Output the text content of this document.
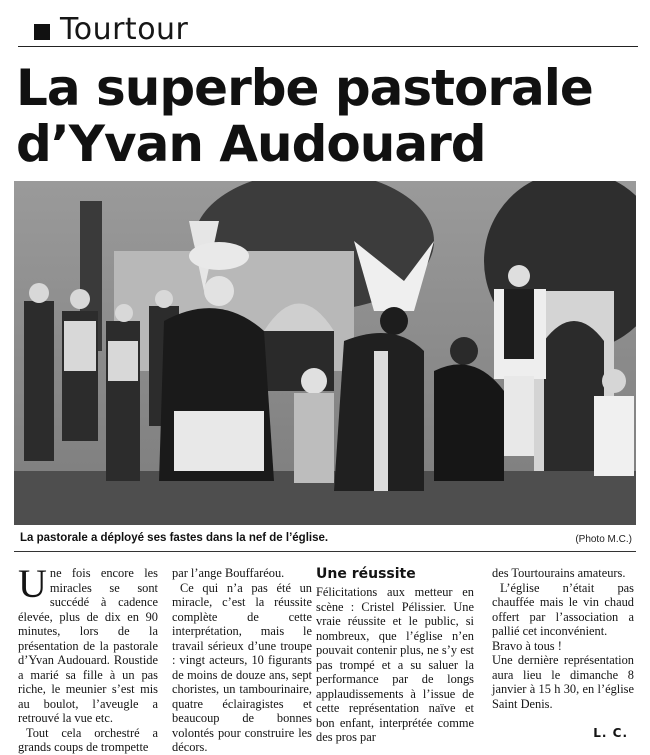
Tourtour
La superbe pastorale
d’Yvan Audouard
La pastorale a déployé ses fastes dans la nef de l’église.	(Photo M.C.)

Une fois encore les miracles se sont succédé à cadence élevée, plus de dix en 90 minutes, lors de la présentation de la pastorale d’Yvan Audouard. Roustide a marié sa fille à un pas riche, le meunier s’est mis au boulot, l’aveugle a retrouvé la vue etc.

Tout cela orchestré a grands coups de trompette

par l’ange Bouffaréou.

Ce qui n’a pas été un miracle, c’est la réussite complète de cette interprétation, mais le travail sérieux d’une troupe : vingt acteurs, 10 figurants de moins de douze ans, sept choristes, un tambourinaire, quatre éclairagistes et beaucoup de bonnes volontés pour construire les décors.

Une réussite

Félicitations aux metteur en scène : Cristel Pélissier. Une vraie réussite et le public, si nombreux, que l’église n’en pouvait contenir plus, ne s’y est pas trompé et a su saluer la performance par de longs applaudissements à l’issue de cette représentation naïve et bon enfant, interprétée comme des pros par

des Tourtourains amateurs.

L’église n’était pas chauffée mais le vin chaud offert par l’association a pallié cet inconvénient.

Bravo à tous !

Une dernière représentation aura lieu le dimanche 8 janvier à 15 h 30, en l’église Saint Denis.

L. C.
